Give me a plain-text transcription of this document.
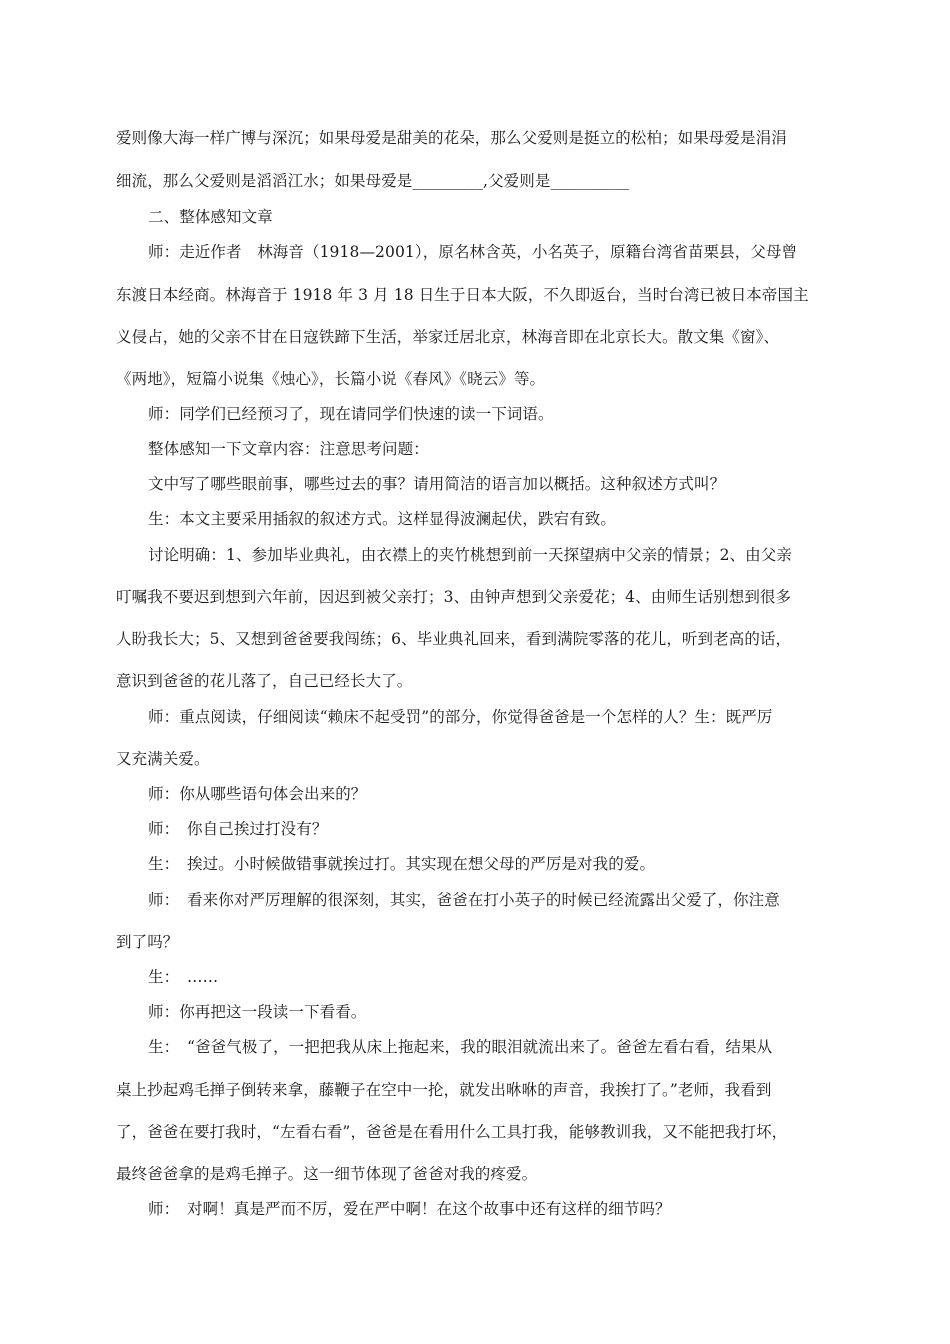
爱则像大海一样广博与深沉；如果母爱是甜美的花朵，那么父爱则是挺立的松柏；如果母爱是涓涓
细流，那么父爱则是滔滔江水；如果母爱是_________,父爱则是__________
二、整体感知文章
师：走近作者　林海音（1918—2001），原名林含英，小名英子，原籍台湾省苗栗县，父母曾
东渡日本经商。林海音于 1918 年 3 月 18 日生于日本大阪，不久即返台，当时台湾已被日本帝国主
义侵占，她的父亲不甘在日寇铁蹄下生活，举家迁居北京，林海音即在北京长大。散文集《窗》、
《两地》，短篇小说集《烛心》，长篇小说《春风》《晓云》等。
师：同学们已经预习了，现在请同学们快速的读一下词语。
整体感知一下文章内容：注意思考问题：
文中写了哪些眼前事，哪些过去的事？请用简洁的语言加以概括。这种叙述方式叫？
生：本文主要采用插叙的叙述方式。这样显得波澜起伏，跌宕有致。
讨论明确：1、参加毕业典礼，由衣襟上的夹竹桃想到前一天探望病中父亲的情景；2、由父亲
叮嘱我不要迟到想到六年前，因迟到被父亲打；3、由钟声想到父亲爱花；4、由师生话别想到很多
人盼我长大；5、又想到爸爸要我闯练；6、毕业典礼回来，看到满院零落的花儿，听到老高的话，
意识到爸爸的花儿落了，自己已经长大了。
师：重点阅读，仔细阅读“赖床不起受罚”的部分，你觉得爸爸是一个怎样的人？生：既严厉
又充满关爱。
师：你从哪些语句体会出来的？
师：　你自己挨过打没有？
生：　挨过。小时候做错事就挨过打。其实现在想父母的严厉是对我的爱。
师：　看来你对严厉理解的很深刻，其实，爸爸在打小英子的时候已经流露出父爱了，你注意
到了吗？
生：　……
师：你再把这一段读一下看看。
生：　“爸爸气极了，一把把我从床上拖起来，我的眼泪就流出来了。爸爸左看右看，结果从
桌上抄起鸡毛掸子倒转来拿，藤鞭子在空中一抡，就发出咻咻的声音，我挨打了。”老师，我看到
了，爸爸在要打我时，“左看右看”，爸爸是在看用什么工具打我，能够教训我，又不能把我打坏，
最终爸爸拿的是鸡毛掸子。这一细节体现了爸爸对我的疼爱。
师：　对啊！真是严而不厉，爱在严中啊！在这个故事中还有这样的细节吗？
